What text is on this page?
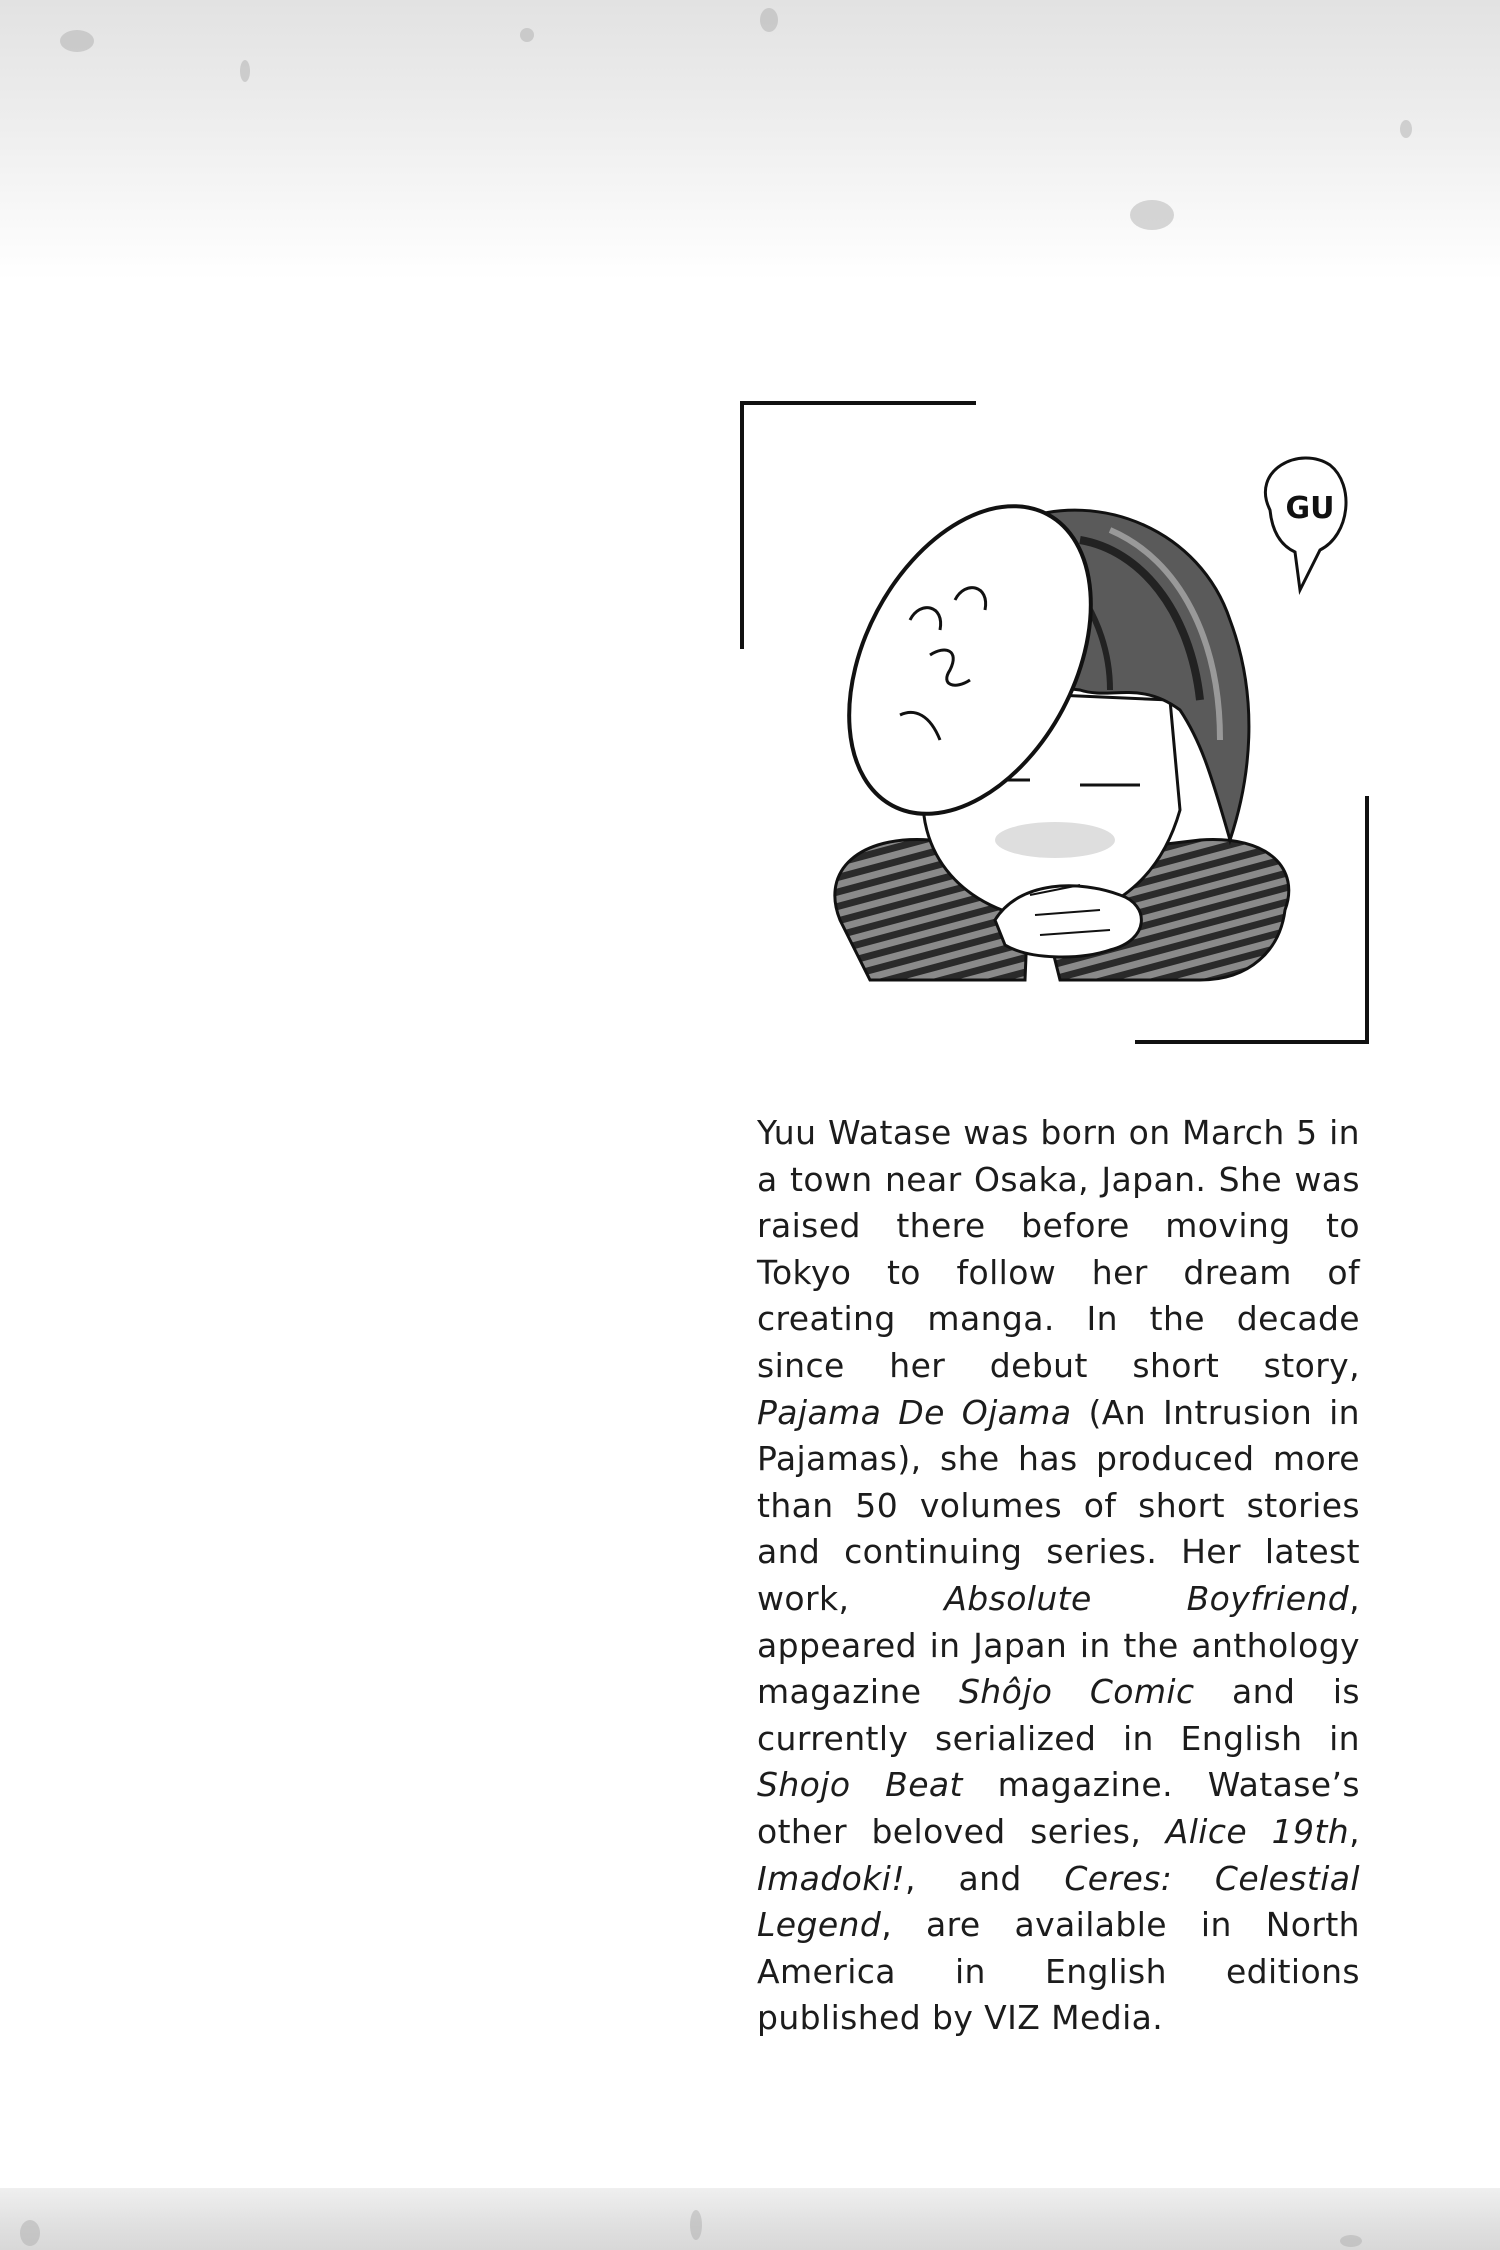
GU
Yuu Watase was born on March 5 in a town near Osaka, Japan. She was raised there before moving to Tokyo to follow her dream of creating manga. In the decade since her debut short story, Pajama De Ojama (An Intrusion in Pajamas), she has produced more than 50 volumes of short stories and continuing series. Her latest work, Absolute Boyfriend, appeared in Japan in the anthology magazine Shôjo Comic and is currently serialized in English in Shojo Beat magazine. Watase’s other beloved series, Alice 19th, Imadoki!, and Ceres: Celestial Legend, are available in North America in English editions published by VIZ Media.
